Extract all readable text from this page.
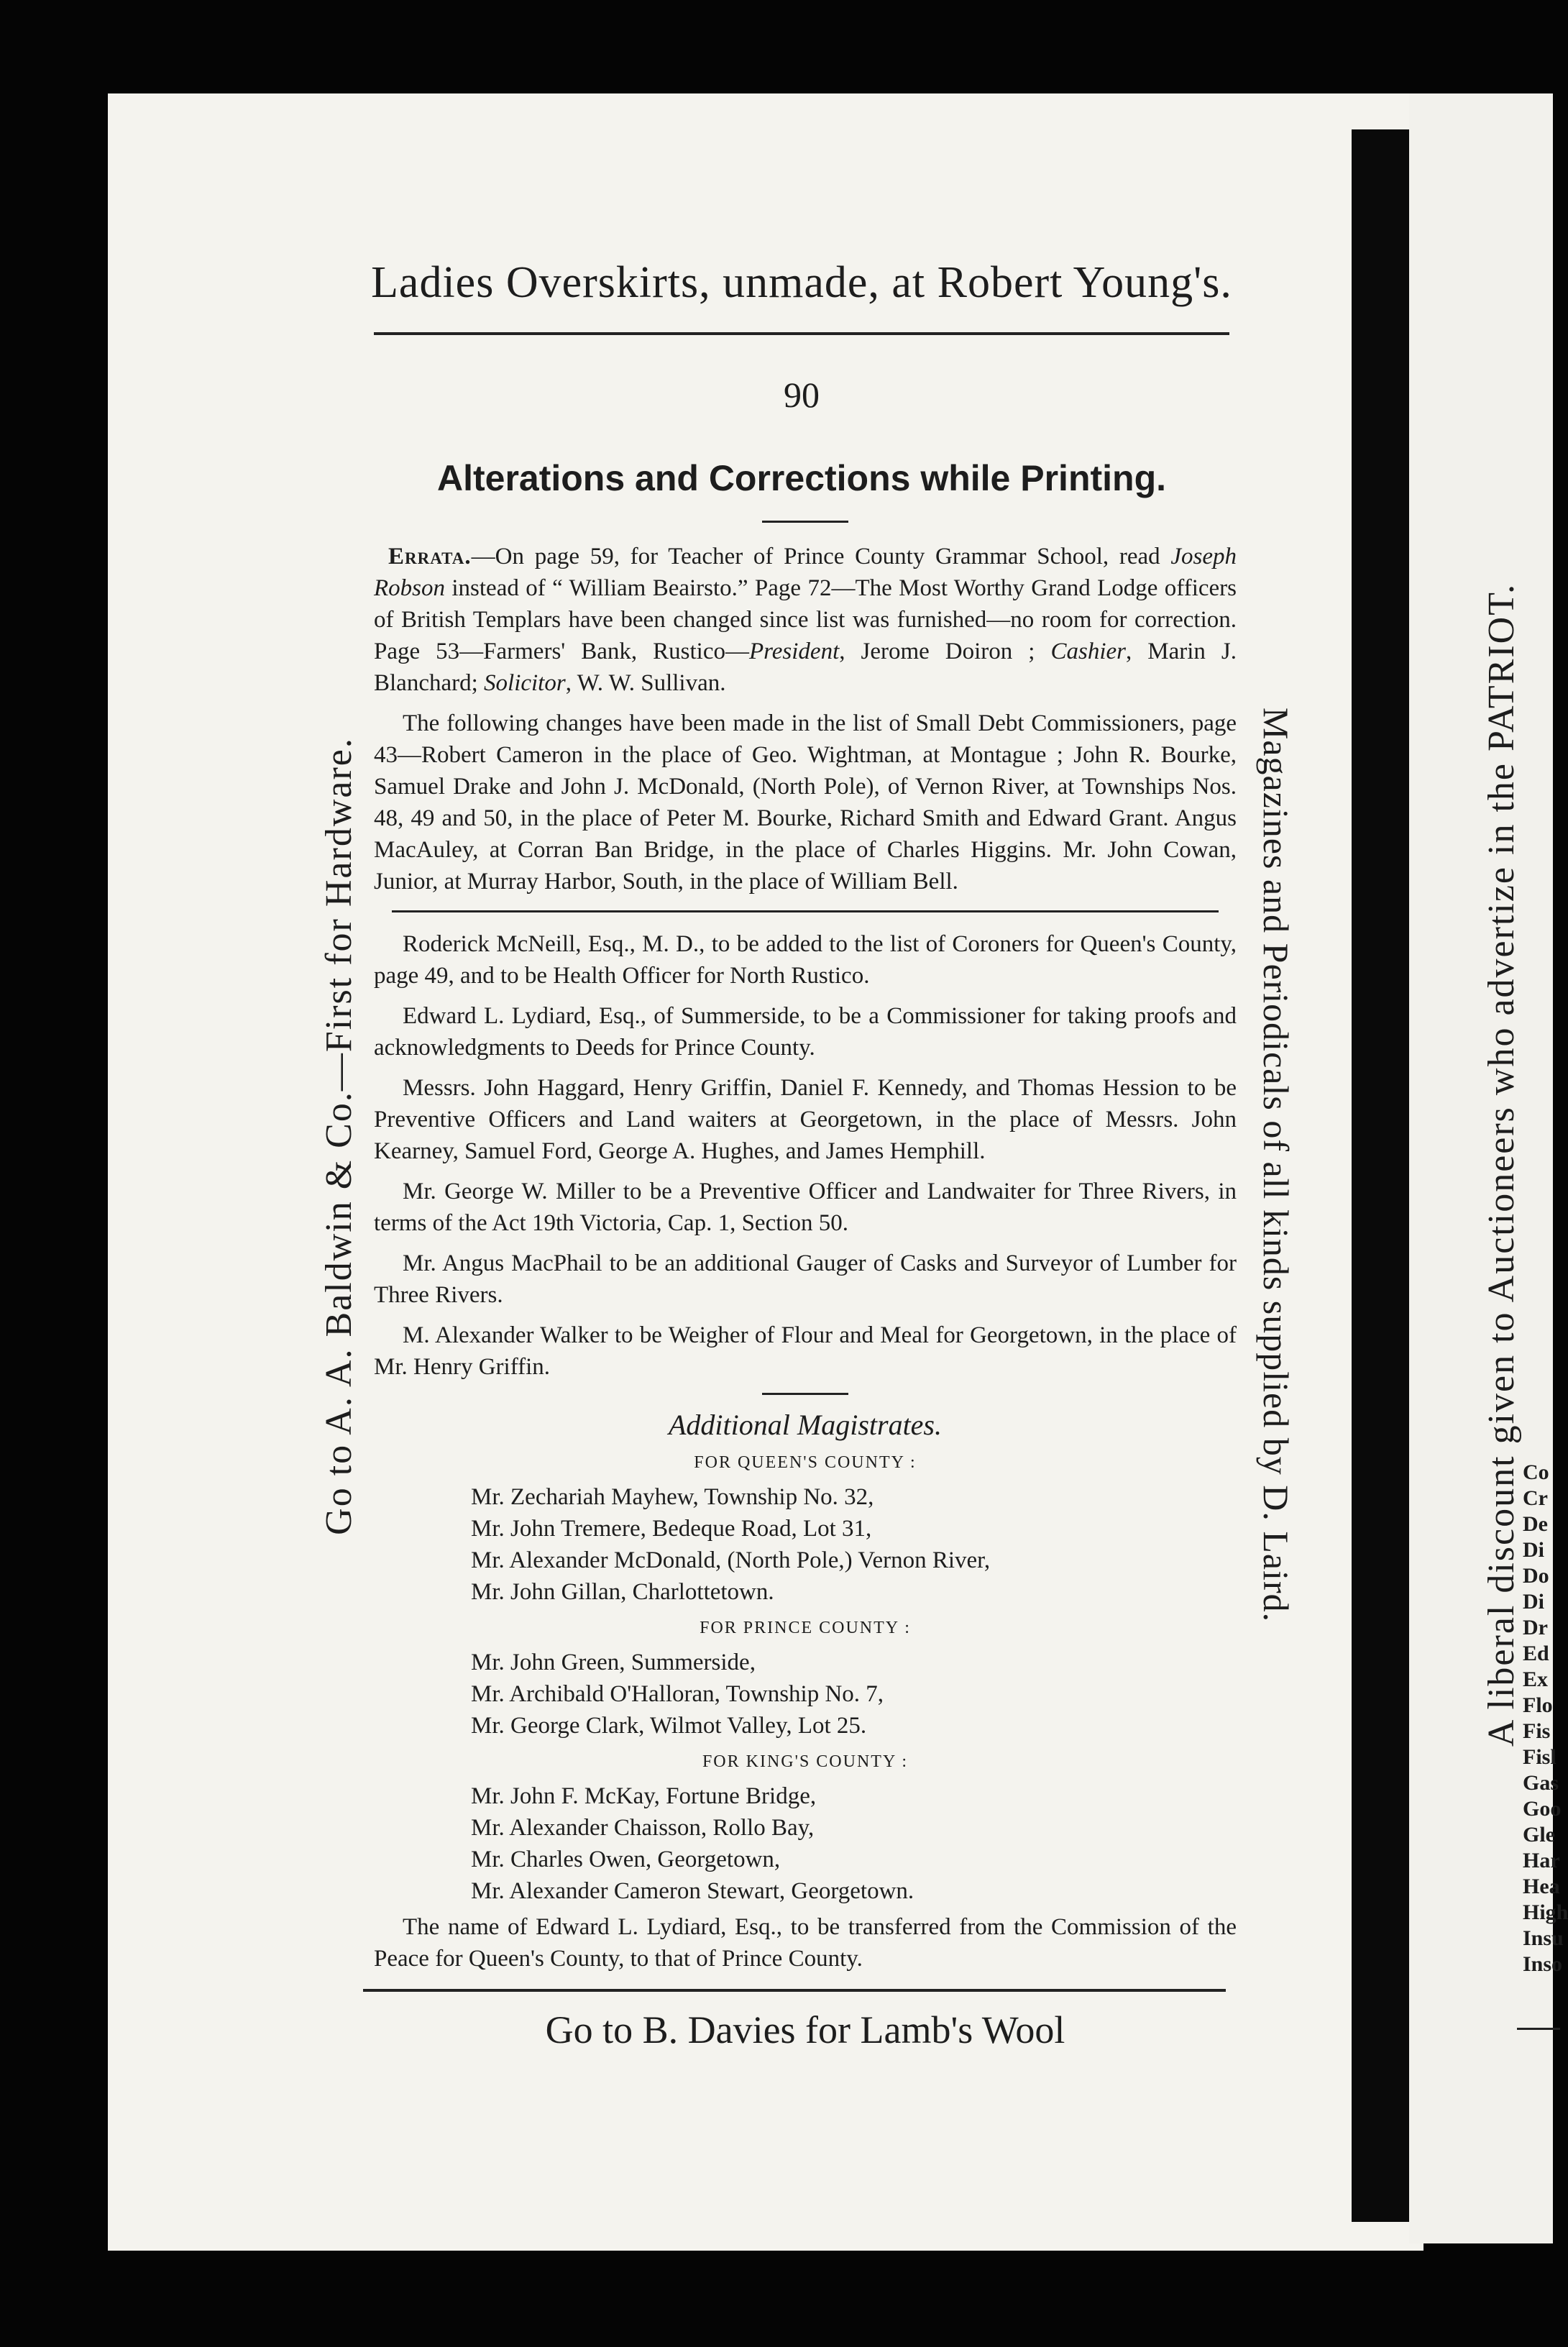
Ladies Overskirts, unmade, at Robert Young's.
90
Alterations and Corrections while Printing.

Errata.—On page 59, for Teacher of Prince County Grammar School, read Joseph Robson instead of “ William Beairsto.” Page 72—The Most Worthy Grand Lodge officers of British Templars have been changed since list was furnished—no room for correction. Page 53—Farmers' Bank, Rustico—President, Jerome Doiron ; Cashier, Marin J. Blanchard; Solicitor, W. W. Sullivan.

The following changes have been made in the list of Small Debt Commissioners, page 43—Robert Cameron in the place of Geo. Wightman, at Montague ; John R. Bourke, Samuel Drake and John J. McDonald, (North Pole), of Vernon River, at Townships Nos. 48, 49 and 50, in the place of Peter M. Bourke, Richard Smith and Edward Grant. Angus MacAuley, at Corran Ban Bridge, in the place of Charles Higgins. Mr. John Cowan, Junior, at Murray Harbor, South, in the place of William Bell.

Roderick McNeill, Esq., M. D., to be added to the list of Coroners for Queen's County, page 49, and to be Health Officer for North Rustico.

Edward L. Lydiard, Esq., of Summerside, to be a Commissioner for taking proofs and acknowledgments to Deeds for Prince County.

Messrs. John Haggard, Henry Griffin, Daniel F. Kennedy, and Thomas Hession to be Preventive Officers and Land waiters at Georgetown, in the place of Messrs. John Kearney, Samuel Ford, George A. Hughes, and James Hemphill.

Mr. George W. Miller to be a Preventive Officer and Landwaiter for Three Rivers, in terms of the Act 19th Victoria, Cap. 1, Section 50.

Mr. Angus MacPhail to be an additional Gauger of Casks and Surveyor of Lumber for Three Rivers.

M. Alexander Walker to be Weigher of Flour and Meal for Georgetown, in the place of Mr. Henry Griffin.

Additional Magistrates.
FOR QUEEN'S COUNTY :
Mr. Zechariah Mayhew, Township No. 32,
Mr. John Tremere, Bedeque Road, Lot 31,
Mr. Alexander McDonald, (North Pole,) Vernon River,
Mr. John Gillan, Charlottetown.
FOR PRINCE COUNTY :
Mr. John Green, Summerside,
Mr. Archibald O'Halloran, Township No. 7,
Mr. George Clark, Wilmot Valley, Lot 25.
FOR KING'S COUNTY :
Mr. John F. McKay, Fortune Bridge,
Mr. Alexander Chaisson, Rollo Bay,
Mr. Charles Owen, Georgetown,
Mr. Alexander Cameron Stewart, Georgetown.

The name of Edward L. Lydiard, Esq., to be transferred from the Commission of the Peace for Queen's County, to that of Prince County.

Go to B. Davies for Lamb's Wool
Go to A. A. Baldwin & Co.—First for Hardware.	Magazines and Periodicals of all kinds supplied by D. Laird.	A liberal discount given to Auctioneers who advertize in the PATRIOT. Co
Cr
De
Di
Do
Di
Dr
Ed
Ex
Flo
Fis
Fisl
Gas
Goo
Gle
Har
Hea
High
Insu
Inso
